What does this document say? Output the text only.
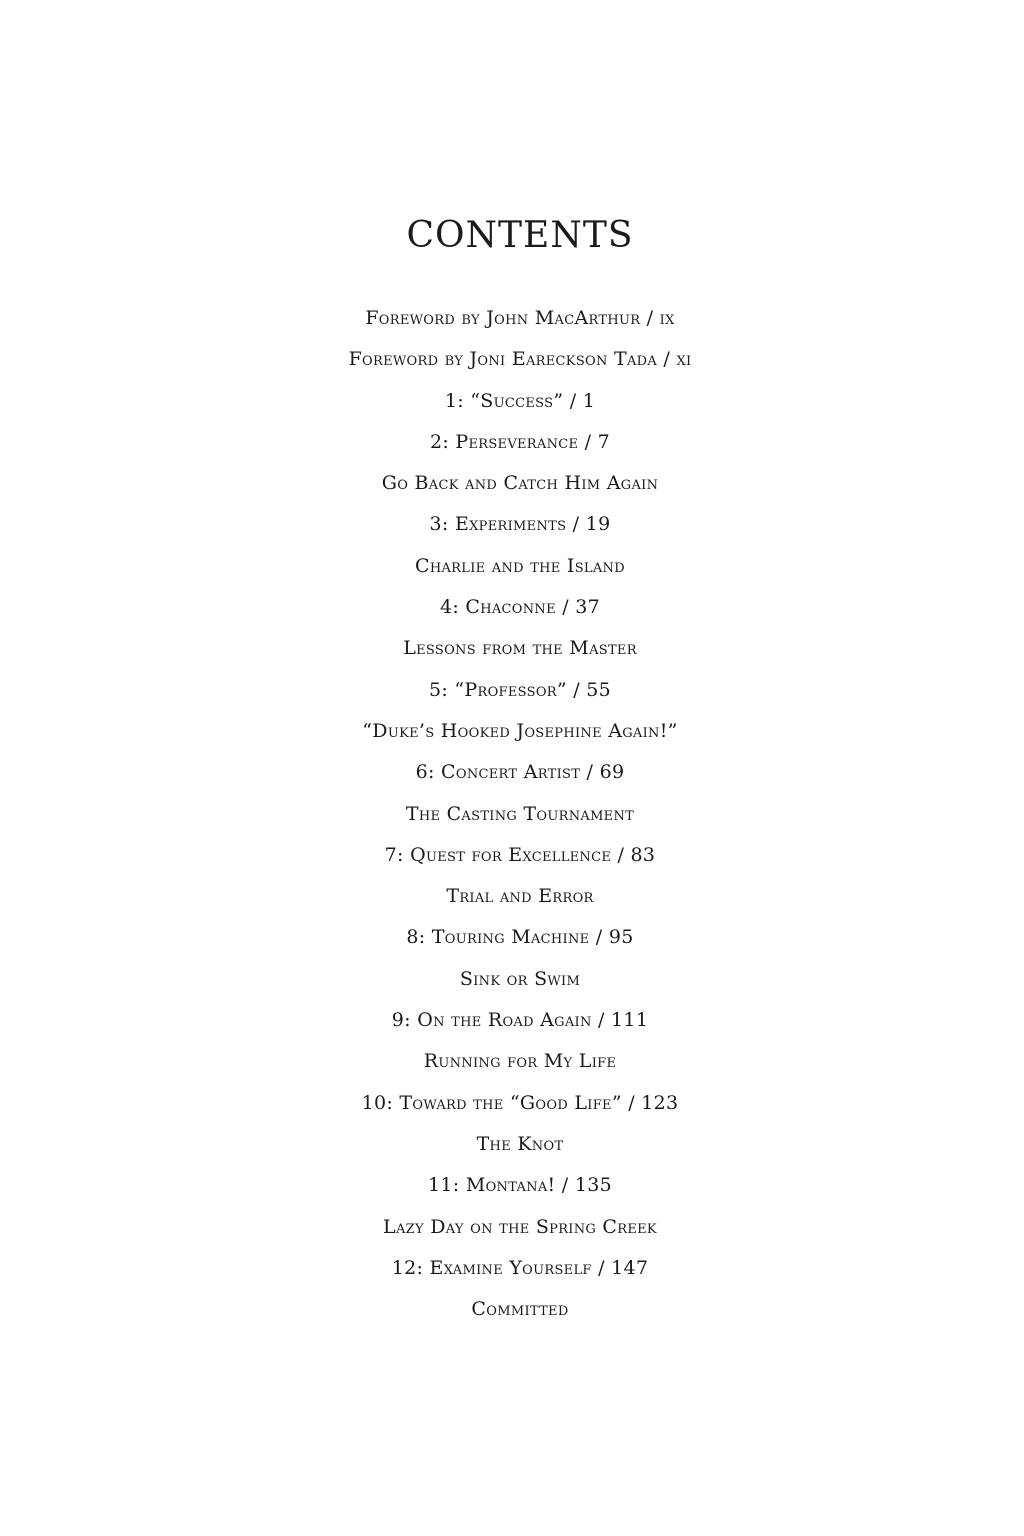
CONTENTS
Foreword by John MacArthur / ix
Foreword by Joni Eareckson Tada / xi
1: “Success” / 1
2: Perseverance / 7
Go Back and Catch Him Again
3: Experiments / 19
Charlie and the Island
4: Chaconne / 37
Lessons from the Master
5: “Professor” / 55
“Duke’s Hooked Josephine Again!”
6: Concert Artist / 69
The Casting Tournament
7: Quest for Excellence / 83
Trial and Error
8: Touring Machine / 95
Sink or Swim
9: On the Road Again / 111
Running for My Life
10: Toward the “Good Life” / 123
The Knot
11: Montana! / 135
Lazy Day on the Spring Creek
12: Examine Yourself / 147
Committed
